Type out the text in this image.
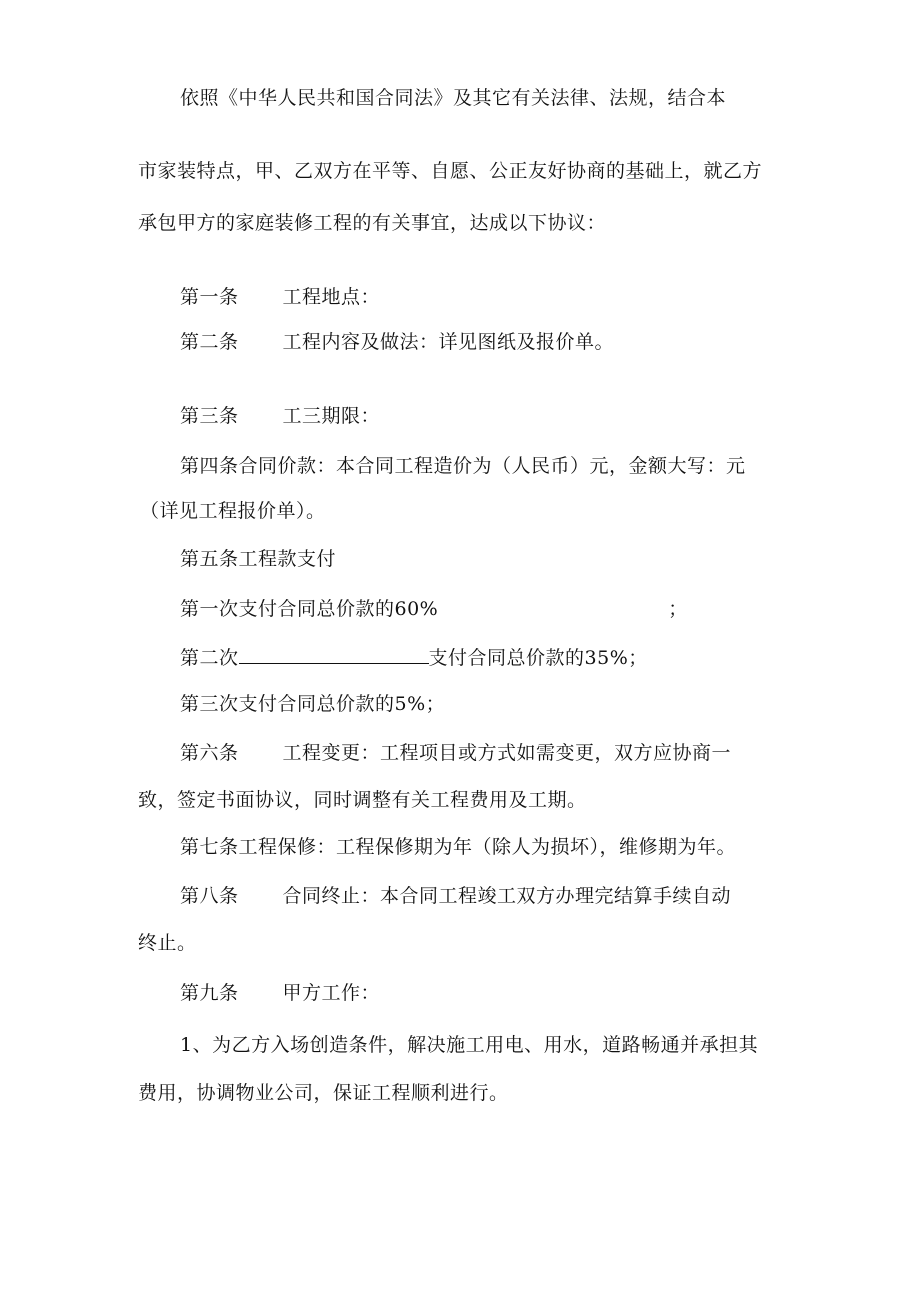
依照《中华人民共和国合同法》及其它有关法律、法规，结合本
市家装特点，甲、乙双方在平等、自愿、公正友好协商的基础上，就乙方
承包甲方的家庭装修工程的有关事宜，达成以下协议：
第一条 工程地点：
第二条 工程内容及做法：详见图纸及报价单。
第三条 工三期限：
第四条合同价款：本合同工程造价为（人民币）元，金额大写：元
（详见工程报价单）。
第五条工程款支付
第一次支付合同总价款的60%	；
第二次	支付合同总价款的35%；
第三次支付合同总价款的5%；
第六条 工程变更：工程项目或方式如需变更，双方应协商一
致，签定书面协议，同时调整有关工程费用及工期。
第七条工程保修：工程保修期为年（除人为损坏），维修期为年。
第八条 合同终止：本合同工程竣工双方办理完结算手续自动
终止。
第九条 甲方工作：
1、为乙方入场创造条件，解决施工用电、用水，道路畅通并承担其
费用，协调物业公司，保证工程顺利进行。
